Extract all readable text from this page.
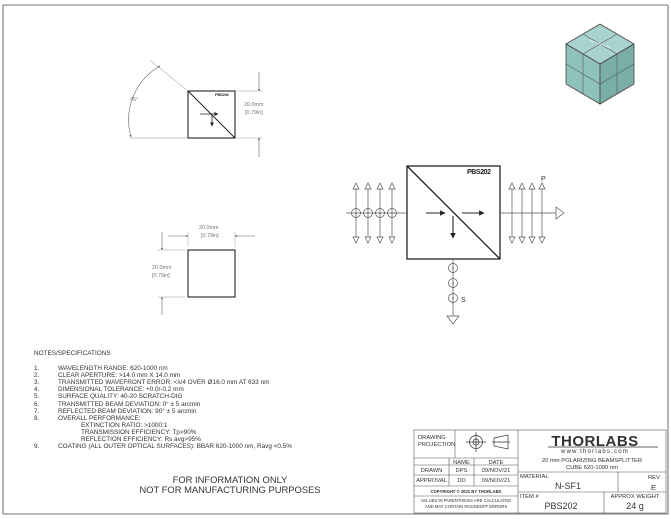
45°
20.0mm
[0.79in]
20.0mm
[0.79in]
20.0mm
[0.79in]
PBS202
PBS202
P
S
NOTES/SPECIFICATIONS
1.	WAVELENGTH RANGE: 620-1000 nm
2.	CLEAR APERTURE: >14.0 mm X 14.0 mm
3.	TRANSMITTED WAVEFRONT ERROR: <λ/4 OVER Ø16.0 mm AT 633 nm
4.	DIMENSIONAL TOLERANCE: +0.0/-0.2 mm
5.	SURFACE QUALITY: 40-20 SCRATCH-DIG
6.	TRANSMITTED BEAM DEVIATION: 0° ± 5 arcmin
7.	REFLECTED BEAM DEVIATION: 90° ± 5 arcmin
8.	OVERALL PERFORMANCE:
EXTINCTION RATIO: >1000:1
TRANSMISSION EFFICIENCY: Tp>90%
REFLECTION EFFICIENCY: Rs avg>95%
9.	COATING (ALL OUTER OPTICAL SURFACES): BBAR 620-1000 nm, Ravg <0.5%
FOR INFORMATION ONLY
NOT FOR MANUFACTURING PURPOSES
DRAWING
PROJECTION
NAME	DATE
DRAWN	DPS	09/NOV/21
APPROVAL	DD	09/NOV/21
COPYRIGHT © 2021 BY THORLABS
VALUES IN PARENTHESIS ARE CALCULATED
AND MAY CONTAIN ROUNDOFF ERRORS
THORLABS
www.thorlabs.com
20 mm POLARIZING BEAMSPLITTER
CUBE 620-1000 nm
MATERIAL
N-SF1
REV
E
ITEM #
PBS202
APPROX WEIGHT
24 g
